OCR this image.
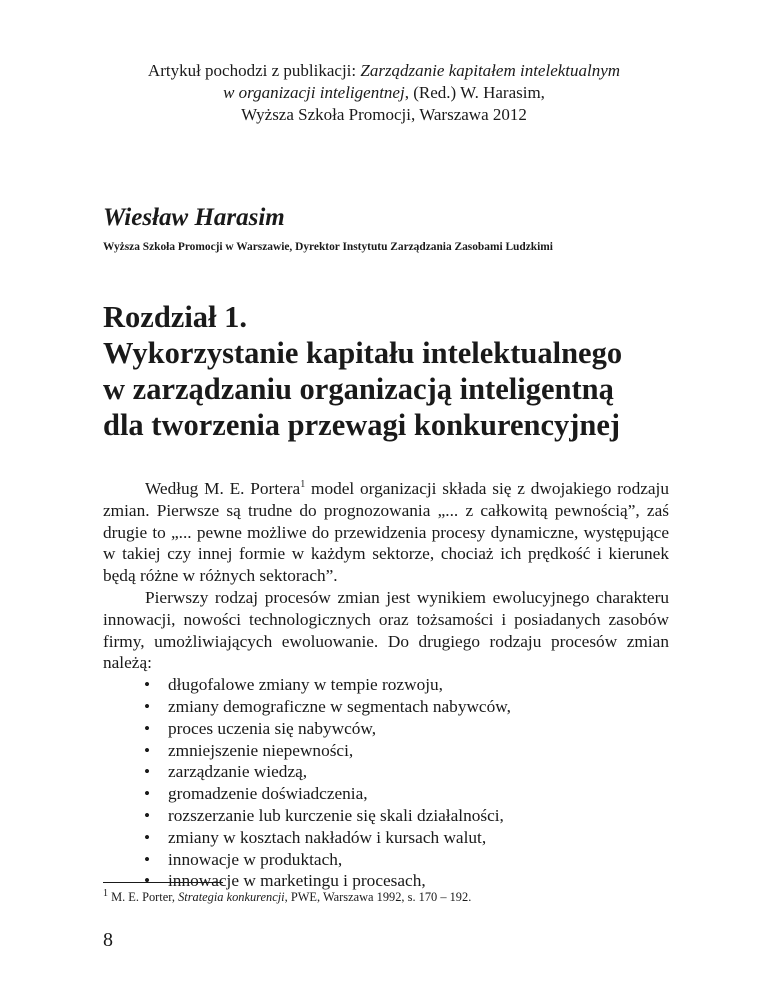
Artykuł pochodzi z publikacji: Zarządzanie kapitałem intelektualnym
w organizacji inteligentnej, (Red.) W. Harasim,
Wyższa Szkoła Promocji, Warszawa 2012
Wiesław Harasim
Wyższa Szkoła Promocji w Warszawie, Dyrektor Instytutu Zarządzania Zasobami Ludzkimi
Rozdział 1.
Wykorzystanie kapitału intelektualnego
w zarządzaniu organizacją inteligentną
dla tworzenia przewagi konkurencyjnej

Według M. E. Portera$^1$ model organizacji składa się z dwojakiego rodzaju zmian. Pierwsze są trudne do prognozowania „... z całkowitą pewnością”, zaś drugie to „... pewne możliwe do przewidzenia procesy dynamiczne, występujące w takiej czy innej formie w każdym sektorze, chociaż ich prędkość i kierunek będą różne w różnych sektorach”.

Pierwszy rodzaj procesów zmian jest wynikiem ewolucyjnego charakteru innowacji, nowości technologicznych oraz tożsamości i posiadanych zasobów firmy, umożliwiających ewoluowanie. Do drugiego rodzaju procesów zmian należą:

• długofalowe zmiany w tempie rozwoju,
• zmiany demograficzne w segmentach nabywców,
• proces uczenia się nabywców,
• zmniejszenie niepewności,
• zarządzanie wiedzą,
• gromadzenie doświadczenia,
• rozszerzanie lub kurczenie się skali działalności,
• zmiany w kosztach nakładów i kursach walut,
• innowacje w produktach,
• innowacje w marketingu i procesach,
$^1$ M. E. Porter, Strategia konkurencji, PWE, Warszawa 1992, s. 170 – 192.
8
